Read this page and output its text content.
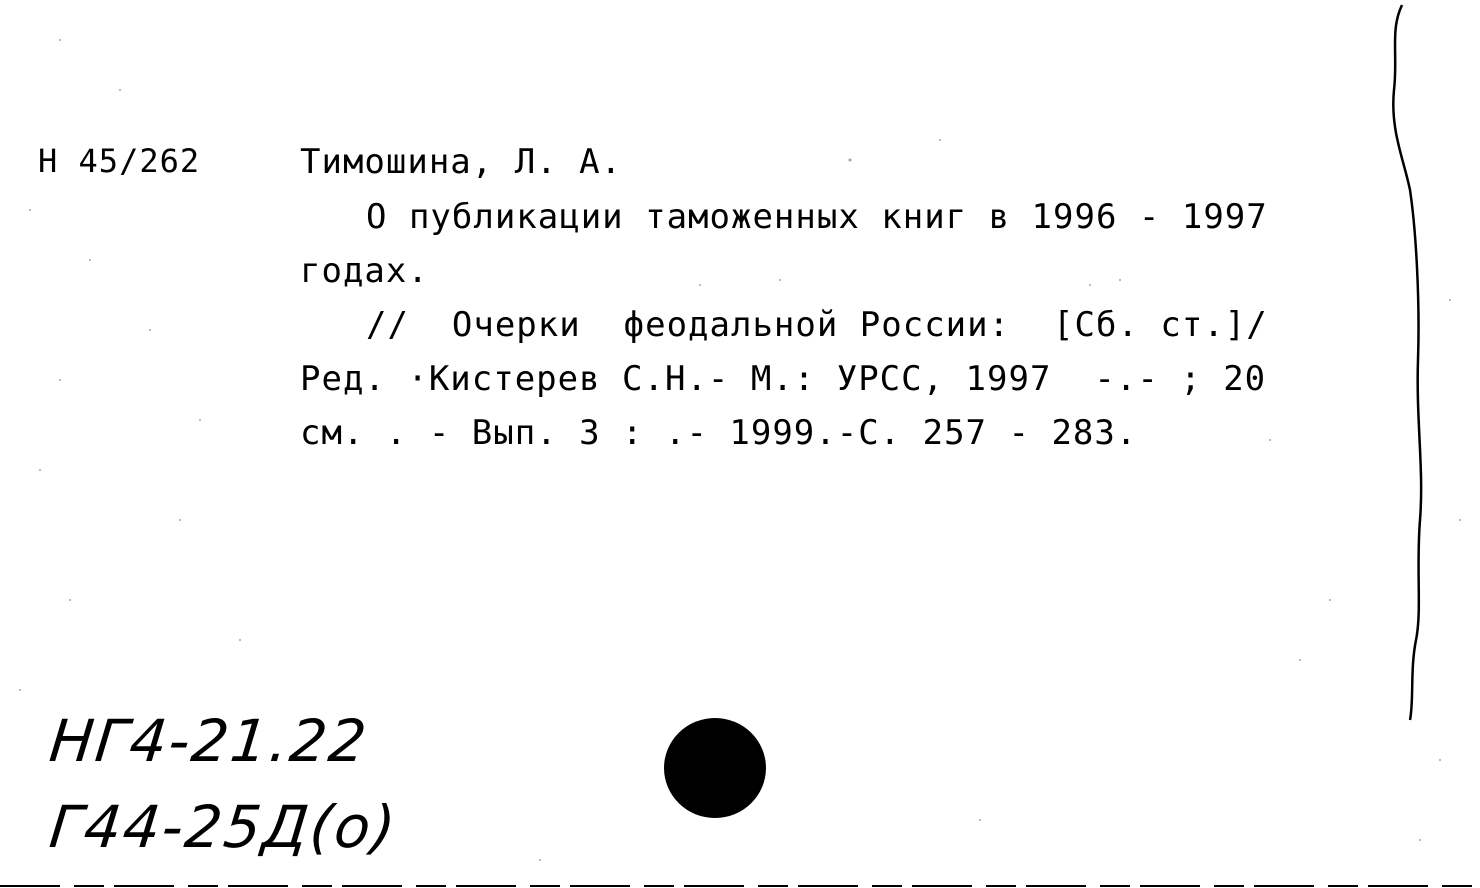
Н 45/262	Тимошина, Л. А.
О публикации таможенных книг в 1996 - 1997
годах.
//  Очерки  феодальной России:  [Сб. ст.]/
Ред. ·Кистерев С.Н.- М.: УРСС, 1997  -.- ; 20
см. . - Вып. 3 : .- 1999.-С. 257 - 283.
НГ4-21.22
Г44-25Д(о)
